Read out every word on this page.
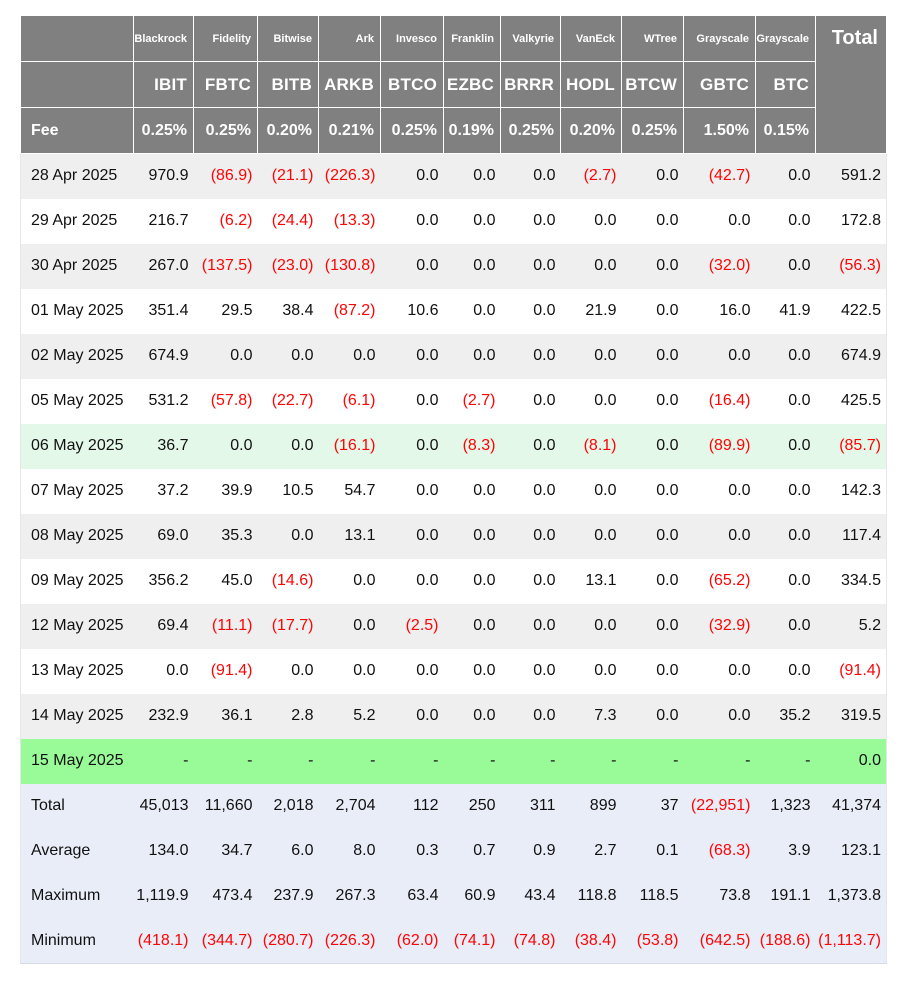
	Blackrock	Fidelity	Bitwise	Ark	Invesco	Franklin	Valkyrie	VanEck	WTree	Grayscale	Grayscale	Total
	IBIT	FBTC	BITB	ARKB	BTCO	EZBC	BRRR	HODL	BTCW	GBTC	BTC	
Fee	0.25%	0.25%	0.20%	0.21%	0.25%	0.19%	0.25%	0.20%	0.25%	1.50%	0.15%	
28 Apr 2025	970.9	(86.9)	(21.1)	(226.3)	0.0	0.0	0.0	(2.7)	0.0	(42.7)	0.0	591.2
29 Apr 2025	216.7	(6.2)	(24.4)	(13.3)	0.0	0.0	0.0	0.0	0.0	0.0	0.0	172.8
30 Apr 2025	267.0	(137.5)	(23.0)	(130.8)	0.0	0.0	0.0	0.0	0.0	(32.0)	0.0	(56.3)
01 May 2025	351.4	29.5	38.4	(87.2)	10.6	0.0	0.0	21.9	0.0	16.0	41.9	422.5
02 May 2025	674.9	0.0	0.0	0.0	0.0	0.0	0.0	0.0	0.0	0.0	0.0	674.9
05 May 2025	531.2	(57.8)	(22.7)	(6.1)	0.0	(2.7)	0.0	0.0	0.0	(16.4)	0.0	425.5
06 May 2025	36.7	0.0	0.0	(16.1)	0.0	(8.3)	0.0	(8.1)	0.0	(89.9)	0.0	(85.7)
07 May 2025	37.2	39.9	10.5	54.7	0.0	0.0	0.0	0.0	0.0	0.0	0.0	142.3
08 May 2025	69.0	35.3	0.0	13.1	0.0	0.0	0.0	0.0	0.0	0.0	0.0	117.4
09 May 2025	356.2	45.0	(14.6)	0.0	0.0	0.0	0.0	13.1	0.0	(65.2)	0.0	334.5
12 May 2025	69.4	(11.1)	(17.7)	0.0	(2.5)	0.0	0.0	0.0	0.0	(32.9)	0.0	5.2
13 May 2025	0.0	(91.4)	0.0	0.0	0.0	0.0	0.0	0.0	0.0	0.0	0.0	(91.4)
14 May 2025	232.9	36.1	2.8	5.2	0.0	0.0	0.0	7.3	0.0	0.0	35.2	319.5
15 May 2025	-	-	-	-	-	-	-	-	-	-	-	0.0
Total	45,013	11,660	2,018	2,704	112	250	311	899	37	(22,951)	1,323	41,374
Average	134.0	34.7	6.0	8.0	0.3	0.7	0.9	2.7	0.1	(68.3)	3.9	123.1
Maximum	1,119.9	473.4	237.9	267.3	63.4	60.9	43.4	118.8	118.5	73.8	191.1	1,373.8
Minimum	(418.1)	(344.7)	(280.7)	(226.3)	(62.0)	(74.1)	(74.8)	(38.4)	(53.8)	(642.5)	(188.6)	(1,113.7)
